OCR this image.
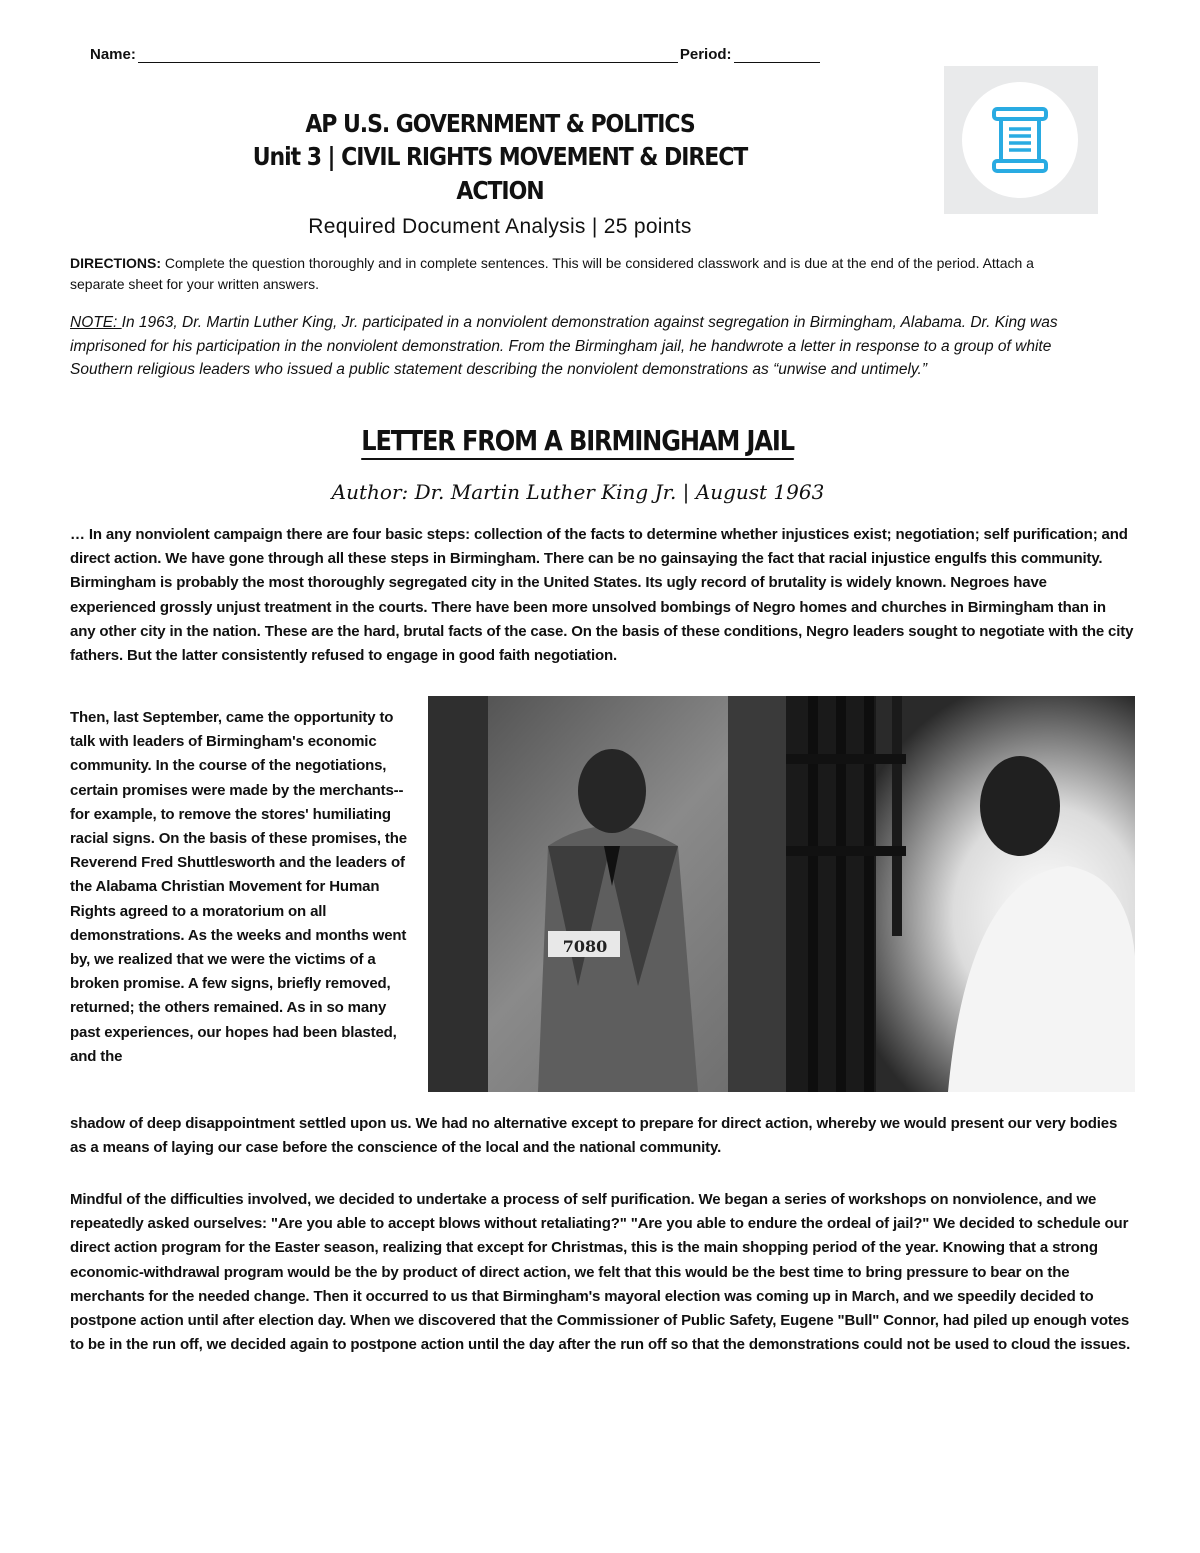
Name:	Period:
AP U.S. GOVERNMENT & POLITICS
Unit 3 | CIVIL RIGHTS MOVEMENT & DIRECT ACTION
Required Document Analysis | 25 points
DIRECTIONS: Complete the question thoroughly and in complete sentences. This will be considered classwork and is due at the end of the period. Attach a separate sheet for your written answers.
NOTE: In 1963, Dr. Martin Luther King, Jr. participated in a nonviolent demonstration against segregation in Birmingham, Alabama. Dr. King was imprisoned for his participation in the nonviolent demonstration. From the Birmingham jail, he handwrote a letter in response to a group of white Southern religious leaders who issued a public statement describing the nonviolent demonstrations as “unwise and untimely.”
LETTER FROM A BIRMINGHAM JAIL
Author: Dr. Martin Luther King Jr. | August 1963
… In any nonviolent campaign there are four basic steps: collection of the facts to determine whether injustices exist; negotiation; self purification; and direct action. We have gone through all these steps in Birmingham. There can be no gainsaying the fact that racial injustice engulfs this community. Birmingham is probably the most thoroughly segregated city in the United States. Its ugly record of brutality is widely known. Negroes have experienced grossly unjust treatment in the courts. There have been more unsolved bombings of Negro homes and churches in Birmingham than in any other city in the nation. These are the hard, brutal facts of the case. On the basis of these conditions, Negro leaders sought to negotiate with the city fathers. But the latter consistently refused to engage in good faith negotiation.
Then, last September, came the opportunity to talk with leaders of Birmingham's economic community. In the course of the negotiations, certain promises were made by the merchants--for example, to remove the stores' humiliating racial signs. On the basis of these promises, the Reverend Fred Shuttlesworth and the leaders of the Alabama Christian Movement for Human Rights agreed to a moratorium on all demonstrations. As the weeks and months went by, we realized that we were the victims of a broken promise. A few signs, briefly removed, returned; the others remained. As in so many past experiences, our hopes had been blasted, and the
7080
shadow of deep disappointment settled upon us. We had no alternative except to prepare for direct action, whereby we would present our very bodies as a means of laying our case before the conscience of the local and the national community.
Mindful of the difficulties involved, we decided to undertake a process of self purification. We began a series of workshops on nonviolence, and we repeatedly asked ourselves: "Are you able to accept blows without retaliating?" "Are you able to endure the ordeal of jail?" We decided to schedule our direct action program for the Easter season, realizing that except for Christmas, this is the main shopping period of the year. Knowing that a strong economic-withdrawal program would be the by product of direct action, we felt that this would be the best time to bring pressure to bear on the merchants for the needed change. Then it occurred to us that Birmingham's mayoral election was coming up in March, and we speedily decided to postpone action until after election day. When we discovered that the Commissioner of Public Safety, Eugene "Bull" Connor, had piled up enough votes to be in the run off, we decided again to postpone action until the day after the run off so that the demonstrations could not be used to cloud the issues.
